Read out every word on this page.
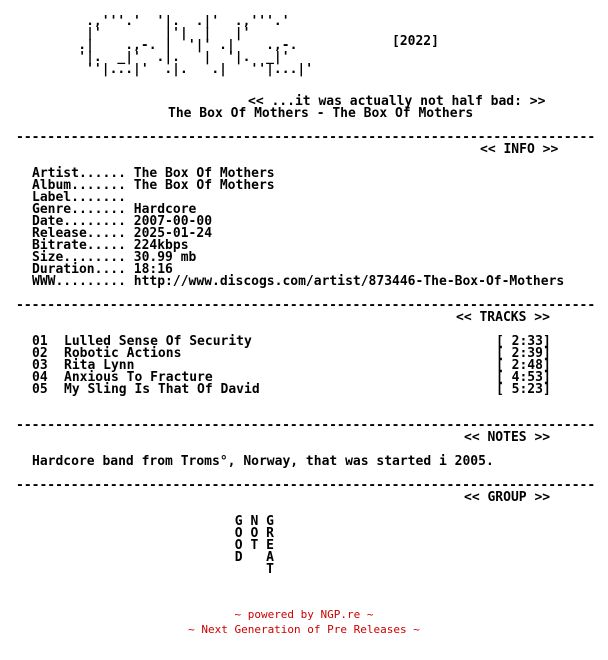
.,'''.'  '|.  .|'  .,'''.'
|'        |'|  |   |'
.|    .,-. |  '|' .|    .,-.
'|.  _|'  .|.   |  '|.  _|'
''|...|'  .|.   .|   ''|...|'

[2022]

<< ...it was actually not half bad: >>

The Box Of Mothers - The Box Of Mothers

--------------------------------------------------------------------------

<< INFO >>

Artist...... The Box Of Mothers
Album....... The Box Of Mothers
Label.......
Genre....... Hardcore
Date........ 2007-00-00
Release..... 2025-01-24
Bitrate..... 224kbps
Size........ 30.99 mb
Duration.... 18:16
WWW......... http://www.discogs.com/artist/873446-The-Box-Of-Mothers

--------------------------------------------------------------------------

<< TRACKS >>

01 Lulled Sense Of Security	[ 2:33]

02 Robotic Actions	[ 2:39]

03 Rita Lynn	[ 2:48]

04 Anxious To Fracture	[ 4:53]

05 My Sling Is That Of David	[ 5:23]

--------------------------------------------------------------------------

<< NOTES >>

Hardcore band from Troms°, Norway, that was started i 2005.

--------------------------------------------------------------------------

<< GROUP >>

G N G
O O R
O T E
D   A
T

~ powered by NGP.re ~
~ Next Generation of Pre Releases ~
